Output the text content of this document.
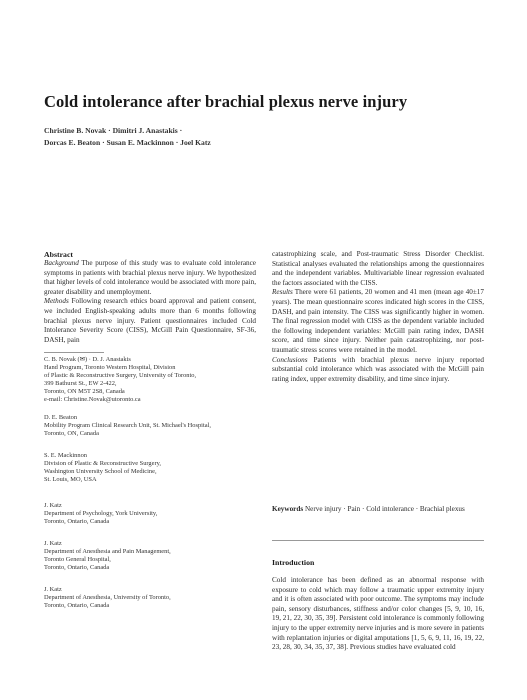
Cold intolerance after brachial plexus nerve injury
Christine B. Novak · Dimitri J. Anastakis ·
Dorcas E. Beaton · Susan E. Mackinnon · Joel Katz

Abstract

Background The purpose of this study was to evaluate cold intolerance symptoms in patients with brachial plexus nerve injury. We hypothesized that higher levels of cold intolerance would be associated with more pain, greater disability and unemployment.

Methods Following research ethics board approval and patient consent, we included English-speaking adults more than 6 months following brachial plexus nerve injury. Patient questionnaires included Cold Intolerance Severity Score (CISS), McGill Pain Questionnaire, SF-36, DASH, pain

C. B. Novak (✉) · D. J. Anastakis
Hand Program, Toronto Western Hospital, Division
of Plastic & Reconstructive Surgery, University of Toronto,
399 Bathurst St., EW 2-422,
Toronto, ON M5T 2S8, Canada
e-mail: Christine.Novak@utoronto.ca
D. E. Beaton
Mobility Program Clinical Research Unit, St. Michael's Hospital,
Toronto, ON, Canada
S. E. Mackinnon
Division of Plastic & Reconstructive Surgery,
Washington University School of Medicine,
St. Louis, MO, USA
J. Katz
Department of Psychology, York University,
Toronto, Ontario, Canada
J. Katz
Department of Anesthesia and Pain Management,
Toronto General Hospital,
Toronto, Ontario, Canada
J. Katz
Department of Anesthesia, University of Toronto,
Toronto, Ontario, Canada

catastrophizing scale, and Post-traumatic Stress Disorder Checklist. Statistical analyses evaluated the relationships among the questionnaires and the independent variables. Multivariable linear regression evaluated the factors associated with the CISS.

Results There were 61 patients, 20 women and 41 men (mean age 40±17 years). The mean questionnaire scores indicated high scores in the CISS, DASH, and pain intensity. The CISS was significantly higher in women. The final regression model with CISS as the dependent variable included the following independent variables: McGill pain rating index, DASH score, and time since injury. Neither pain catastrophizing, nor post-traumatic stress scores were retained in the model.

Conclusions Patients with brachial plexus nerve injury reported substantial cold intolerance which was associated with the McGill pain rating index, upper extremity disability, and time since injury.

Keywords Nerve injury · Pain · Cold intolerance · Brachial plexus
Introduction

Cold intolerance has been defined as an abnormal response with exposure to cold which may follow a traumatic upper extremity injury and it is often associated with poor outcome. The symptoms may include pain, sensory disturbances, stiffness and/or color changes [5, 9, 10, 16, 19, 21, 22, 30, 35, 39]. Persistent cold intolerance is commonly following injury to the upper extremity nerve injuries and is more severe in patients with replantation injuries or digital amputations [1, 5, 6, 9, 11, 16, 19, 22, 23, 28, 30, 34, 35, 37, 38]. Previous studies have evaluated cold
